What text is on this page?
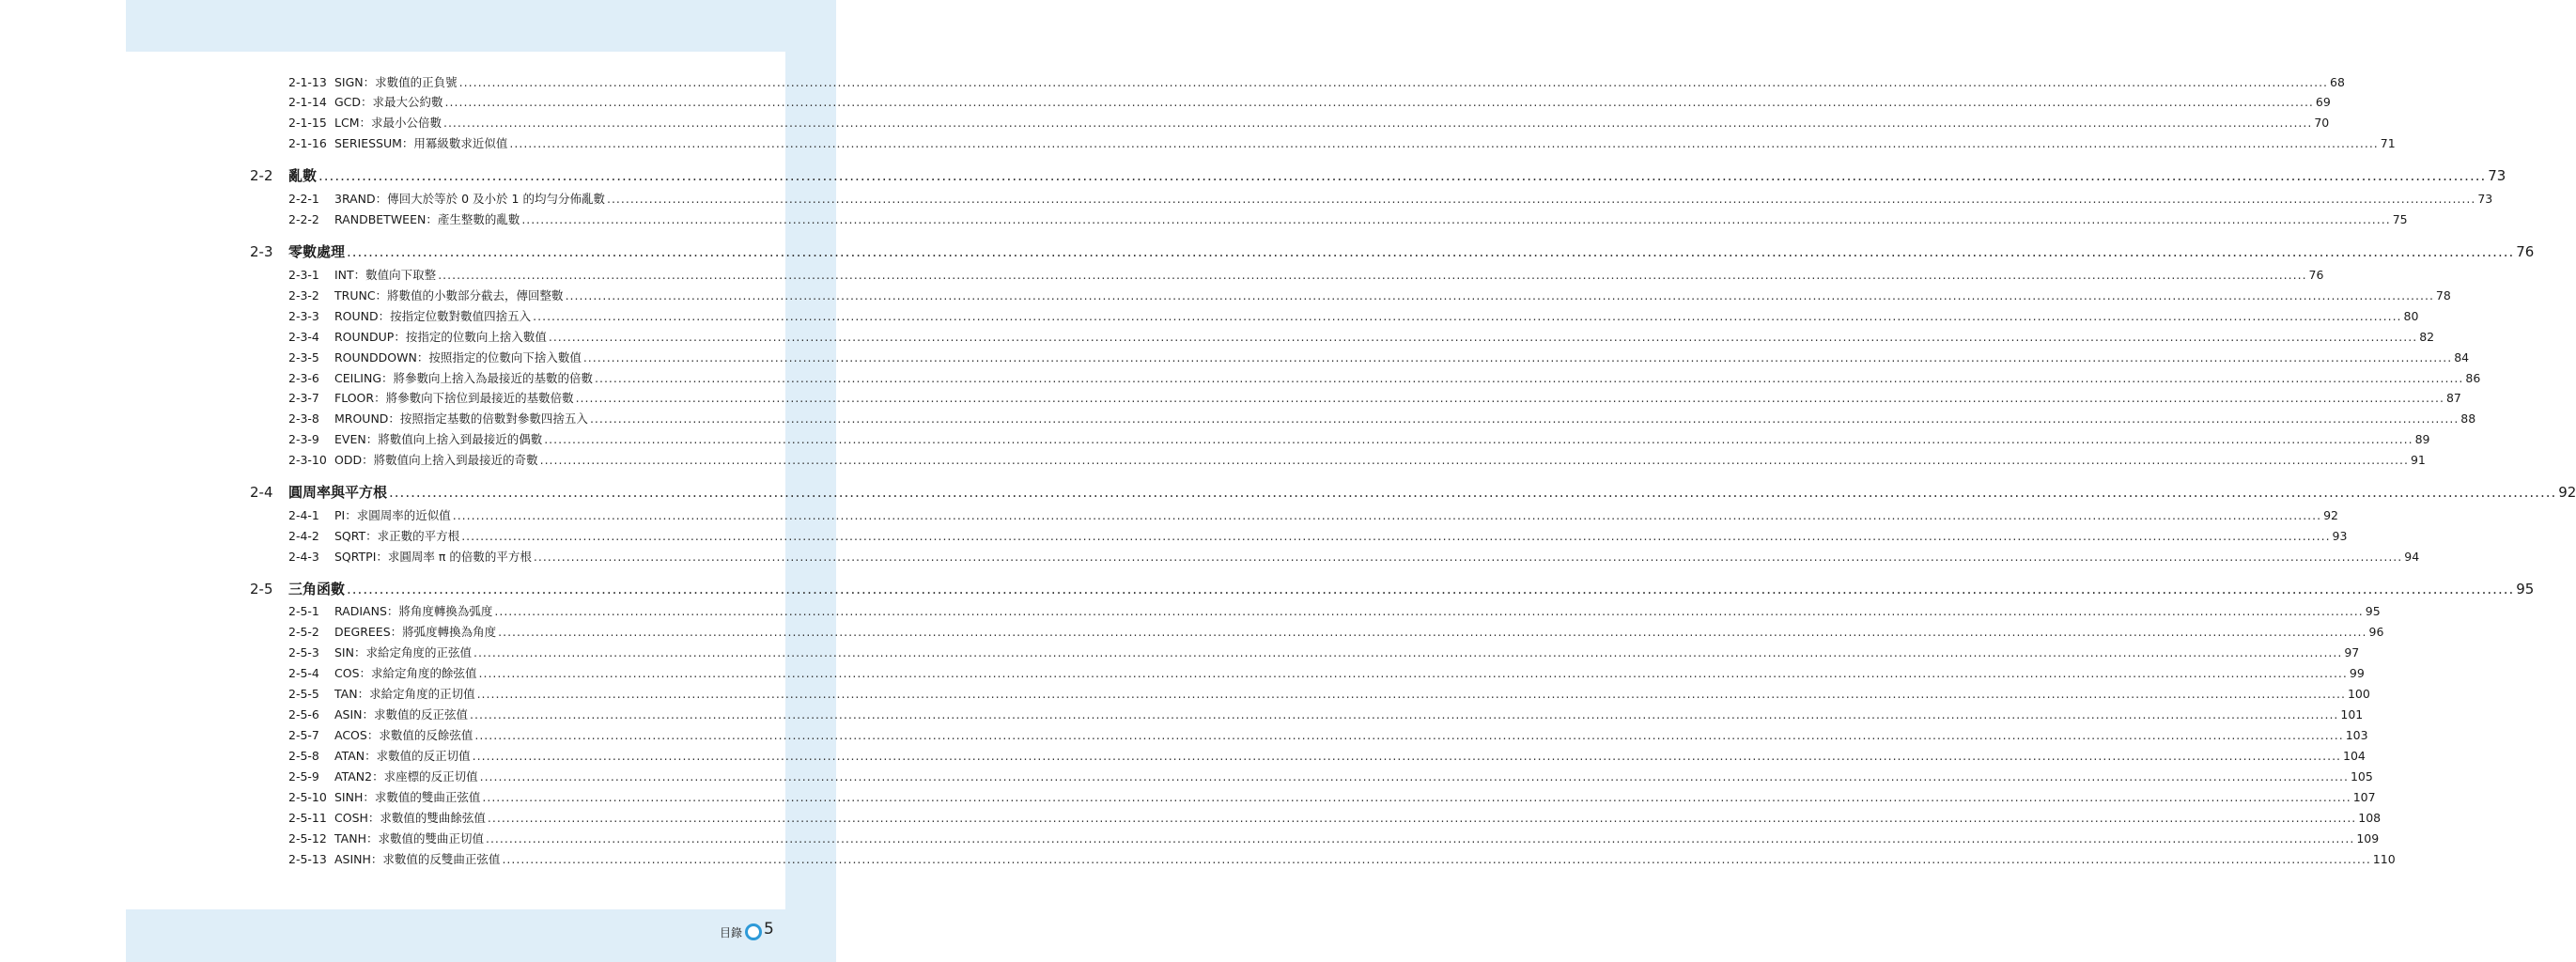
2-1-13 SIGN：求數值的正負號 ................................................................................................................................................................................................................................................................................................................................................................................................................ 68
2-1-14 GCD：求最大公約數 ................................................................................................................................................................................................................................................................................................................................................................................................................ 69
2-1-15 LCM：求最小公倍數 ................................................................................................................................................................................................................................................................................................................................................................................................................ 70
2-1-16 SERIESSUM：用冪級數求近似值 ................................................................................................................................................................................................................................................................................................................................................................................................................ 71
2-2	亂數 ................................................................................................................................................................................................................................................................................................................................................................................................................ 73
2-2-1	3RAND：傳回大於等於 0 及小於 1 的均勻分佈亂數 ................................................................................................................................................................................................................................................................................................................................................................................................................ 73
2-2-2	RANDBETWEEN：產生整數的亂數 ................................................................................................................................................................................................................................................................................................................................................................................................................ 75
2-3	零數處理 ................................................................................................................................................................................................................................................................................................................................................................................................................ 76
2-3-1	INT：數值向下取整 ................................................................................................................................................................................................................................................................................................................................................................................................................ 76
2-3-2	TRUNC：將數值的小數部分截去，傳回整數 ................................................................................................................................................................................................................................................................................................................................................................................................................ 78
2-3-3	ROUND：按指定位數對數值四捨五入 ................................................................................................................................................................................................................................................................................................................................................................................................................ 80
2-3-4	ROUNDUP：按指定的位數向上捨入數值 ................................................................................................................................................................................................................................................................................................................................................................................................................ 82
2-3-5	ROUNDDOWN：按照指定的位數向下捨入數值 ................................................................................................................................................................................................................................................................................................................................................................................................................ 84
2-3-6	CEILING：將參數向上捨入為最接近的基數的倍數 ................................................................................................................................................................................................................................................................................................................................................................................................................ 86
2-3-7	FLOOR：將參數向下捨位到最接近的基數倍數 ................................................................................................................................................................................................................................................................................................................................................................................................................ 87
2-3-8	MROUND：按照指定基數的倍數對參數四捨五入 ................................................................................................................................................................................................................................................................................................................................................................................................................ 88
2-3-9	EVEN：將數值向上捨入到最接近的偶數 ................................................................................................................................................................................................................................................................................................................................................................................................................ 89
2-3-10 ODD：將數值向上捨入到最接近的奇數 ................................................................................................................................................................................................................................................................................................................................................................................................................ 91
2-4	圓周率與平方根 ................................................................................................................................................................................................................................................................................................................................................................................................................ 92
2-4-1	PI：求圓周率的近似值 ................................................................................................................................................................................................................................................................................................................................................................................................................ 92
2-4-2	SQRT：求正數的平方根 ................................................................................................................................................................................................................................................................................................................................................................................................................ 93
2-4-3	SQRTPI：求圓周率 π 的倍數的平方根 ................................................................................................................................................................................................................................................................................................................................................................................................................ 94
2-5	三角函數 ................................................................................................................................................................................................................................................................................................................................................................................................................ 95
2-5-1	RADIANS：將角度轉換為弧度 ................................................................................................................................................................................................................................................................................................................................................................................................................ 95
2-5-2	DEGREES：將弧度轉換為角度 ................................................................................................................................................................................................................................................................................................................................................................................................................ 96
2-5-3	SIN：求給定角度的正弦值 ................................................................................................................................................................................................................................................................................................................................................................................................................ 97
2-5-4	COS：求給定角度的餘弦值 ................................................................................................................................................................................................................................................................................................................................................................................................................ 99
2-5-5	TAN：求給定角度的正切值 ................................................................................................................................................................................................................................................................................................................................................................................................................ 100
2-5-6	ASIN：求數值的反正弦值 ................................................................................................................................................................................................................................................................................................................................................................................................................ 101
2-5-7	ACOS：求數值的反餘弦值 ................................................................................................................................................................................................................................................................................................................................................................................................................ 103
2-5-8	ATAN：求數值的反正切值 ................................................................................................................................................................................................................................................................................................................................................................................................................ 104
2-5-9	ATAN2：求座標的反正切值 ................................................................................................................................................................................................................................................................................................................................................................................................................ 105
2-5-10 SINH：求數值的雙曲正弦值 ................................................................................................................................................................................................................................................................................................................................................................................................................ 107
2-5-11 COSH：求數值的雙曲餘弦值 ................................................................................................................................................................................................................................................................................................................................................................................................................ 108
2-5-12 TANH：求數值的雙曲正切值 ................................................................................................................................................................................................................................................................................................................................................................................................................ 109
2-5-13 ASINH：求數值的反雙曲正弦值 ................................................................................................................................................................................................................................................................................................................................................................................................................ 110
目錄 5
